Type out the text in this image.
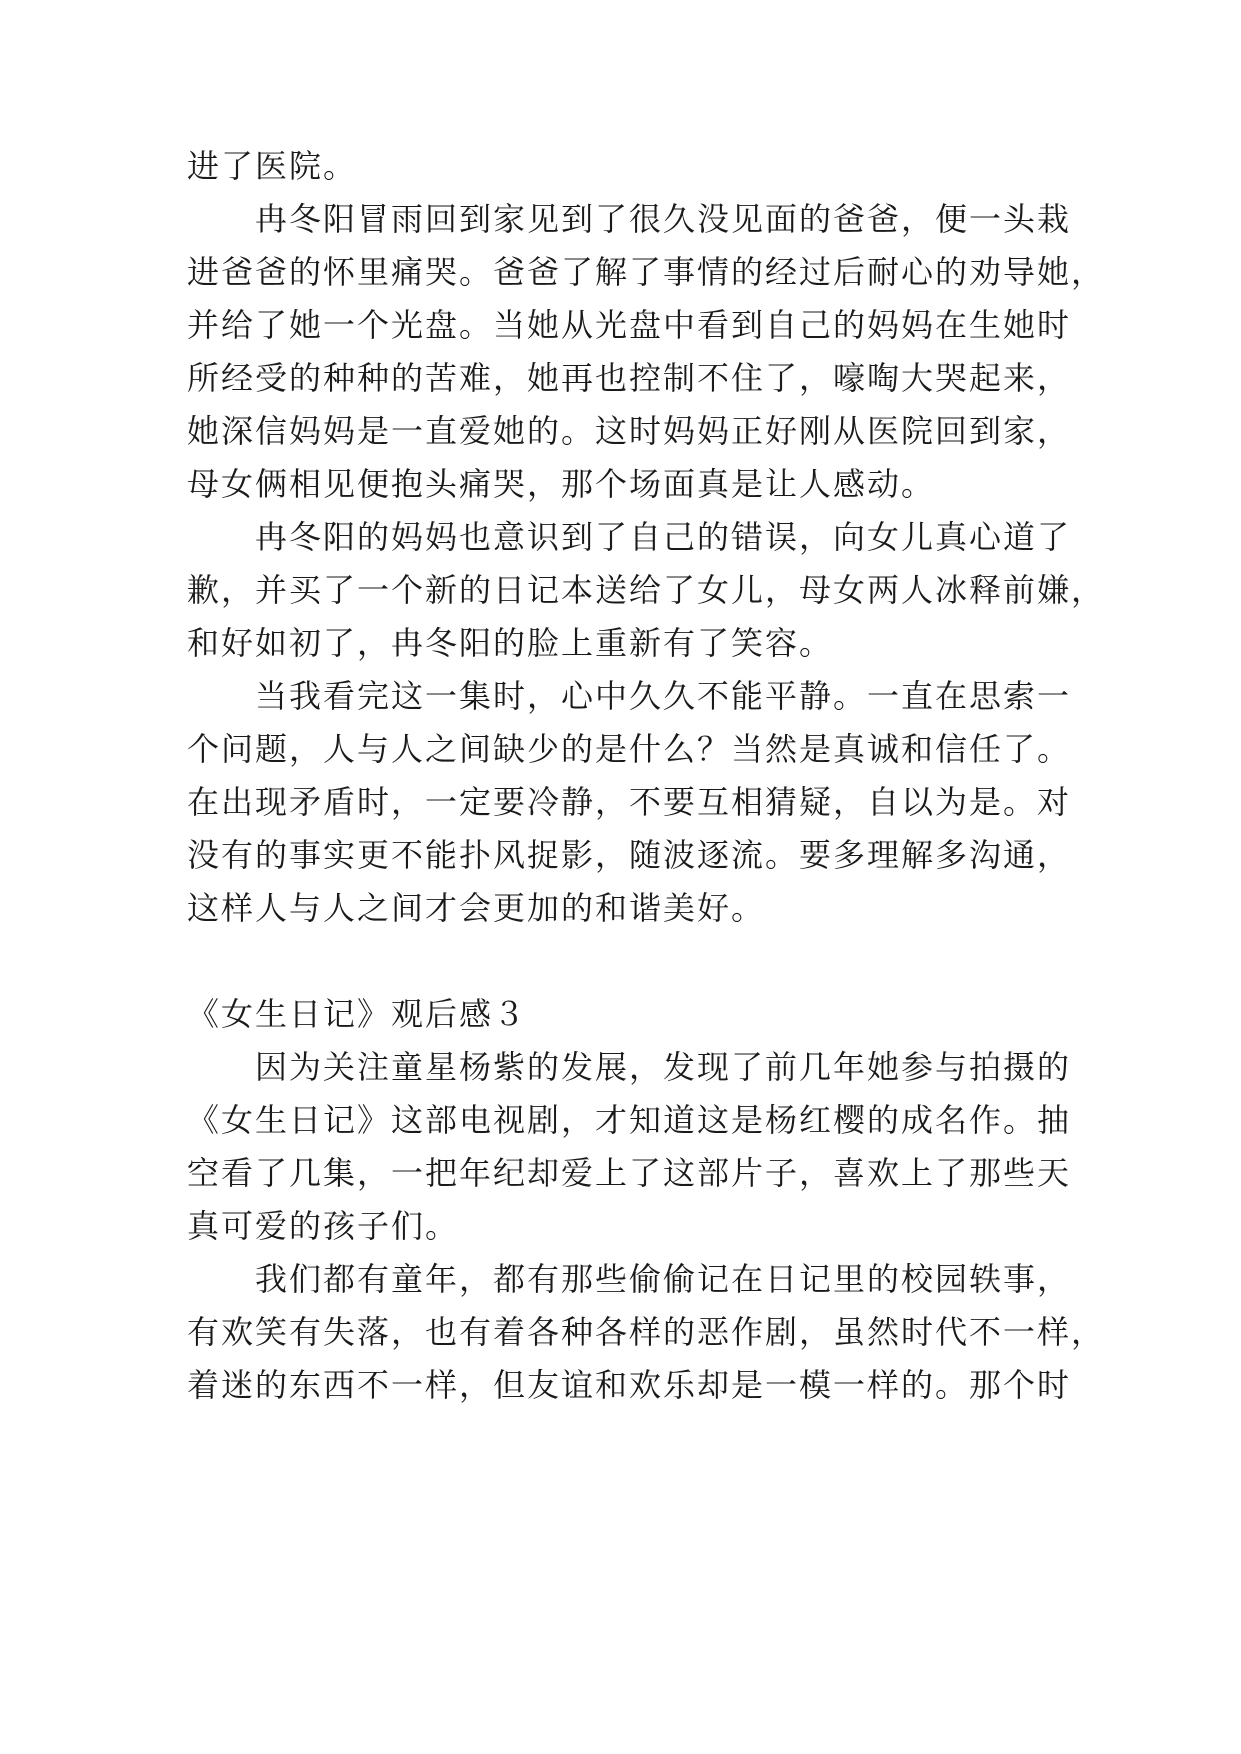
进了医院。
冉冬阳冒雨回到家见到了很久没见面的爸爸，便一头栽
进爸爸的怀里痛哭。爸爸了解了事情的经过后耐心的劝导她，
并给了她一个光盘。当她从光盘中看到自己的妈妈在生她时
所经受的种种的苦难，她再也控制不住了，嚎啕大哭起来，
她深信妈妈是一直爱她的。这时妈妈正好刚从医院回到家，
母女俩相见便抱头痛哭，那个场面真是让人感动。
冉冬阳的妈妈也意识到了自己的错误，向女儿真心道了
歉，并买了一个新的日记本送给了女儿，母女两人冰释前嫌，
和好如初了，冉冬阳的脸上重新有了笑容。
当我看完这一集时，心中久久不能平静。一直在思索一
个问题，人与人之间缺少的是什么？当然是真诚和信任了。
在出现矛盾时，一定要冷静，不要互相猜疑，自以为是。对
没有的事实更不能扑风捉影，随波逐流。要多理解多沟通，
这样人与人之间才会更加的和谐美好。
《女生日记》观后感３
因为关注童星杨紫的发展，发现了前几年她参与拍摄的
《女生日记》这部电视剧，才知道这是杨红樱的成名作。抽
空看了几集，一把年纪却爱上了这部片子，喜欢上了那些天
真可爱的孩子们。
我们都有童年，都有那些偷偷记在日记里的校园轶事，
有欢笑有失落，也有着各种各样的恶作剧，虽然时代不一样，
着迷的东西不一样，但友谊和欢乐却是一模一样的。那个时
